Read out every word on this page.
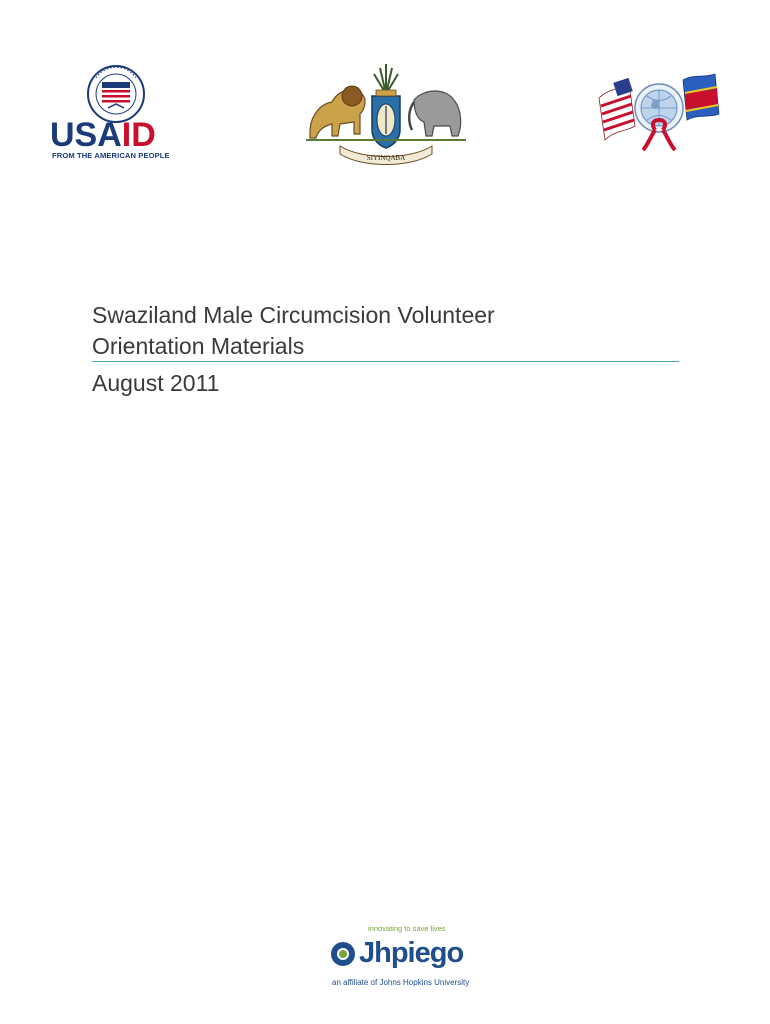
USAID
FROM THE AMERICAN PEOPLE	SIYINQABA
Swaziland Male Circumcision Volunteer
Orientation Materials
August 2011
innovating to save lives
Jhpiego
an affiliate of Johns Hopkins University
